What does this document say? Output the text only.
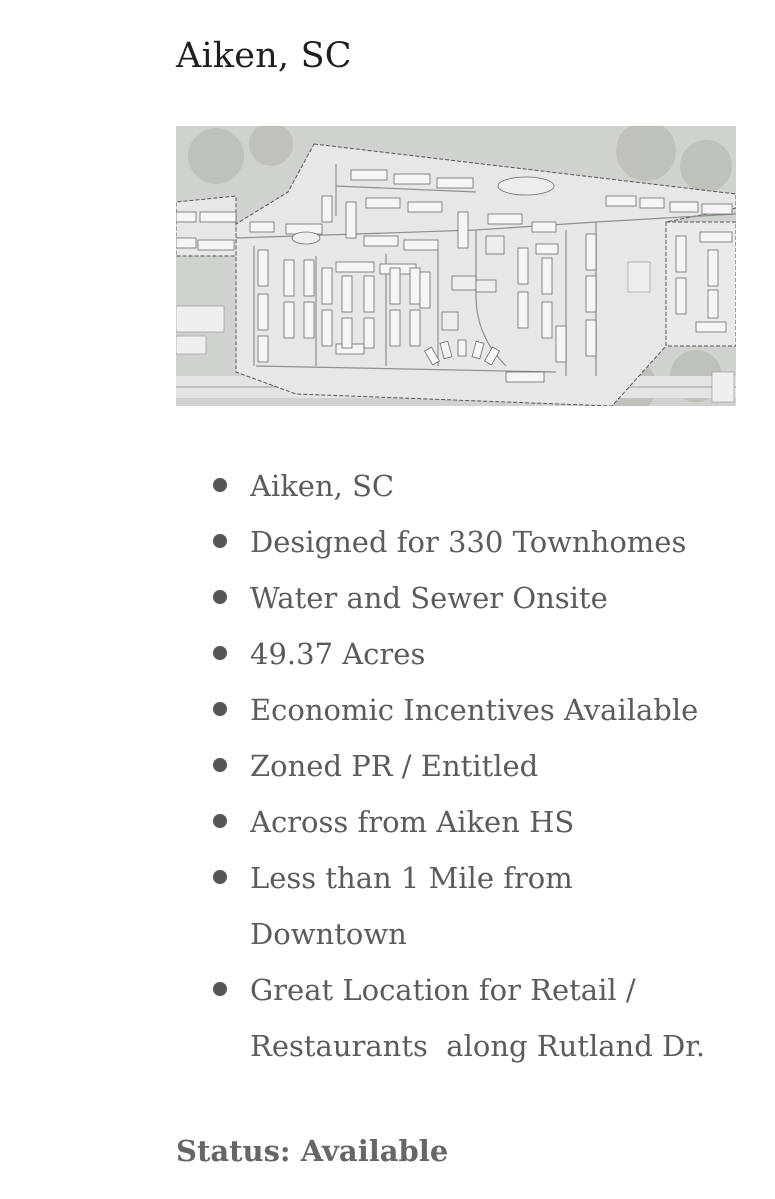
Aiken, SC
Aiken, SC
Designed for 330 Townhomes
Water and Sewer Onsite
49.37 Acres
Economic Incentives Available
Zoned PR / Entitled
Across from Aiken HS
Less than 1 Mile from
Downtown
Great Location for Retail /
Restaurants  along Rutland Dr.

Status: Available
